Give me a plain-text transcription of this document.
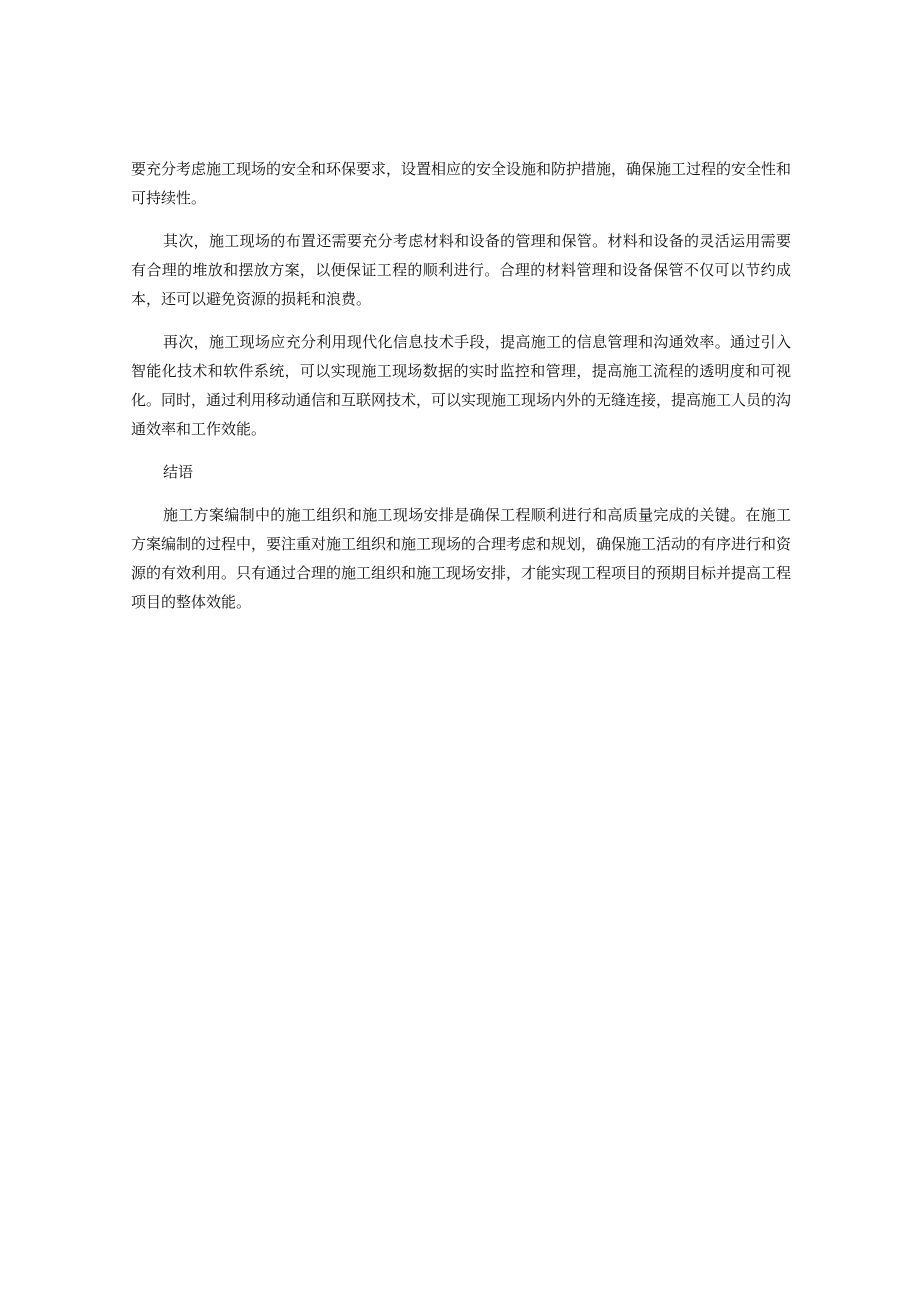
要充分考虑施工现场的安全和环保要求，设置相应的安全设施和防护措施，确保施工过程的安全性和可持续性。

其次，施工现场的布置还需要充分考虑材料和设备的管理和保管。材料和设备的灵活运用需要有合理的堆放和摆放方案，以便保证工程的顺利进行。合理的材料管理和设备保管不仅可以节约成本，还可以避免资源的损耗和浪费。

再次，施工现场应充分利用现代化信息技术手段，提高施工的信息管理和沟通效率。通过引入智能化技术和软件系统，可以实现施工现场数据的实时监控和管理，提高施工流程的透明度和可视化。同时，通过利用移动通信和互联网技术，可以实现施工现场内外的无缝连接，提高施工人员的沟通效率和工作效能。

结语

施工方案编制中的施工组织和施工现场安排是确保工程顺利进行和高质量完成的关键。在施工方案编制的过程中，要注重对施工组织和施工现场的合理考虑和规划，确保施工活动的有序进行和资源的有效利用。只有通过合理的施工组织和施工现场安排，才能实现工程项目的预期目标并提高工程项目的整体效能。
